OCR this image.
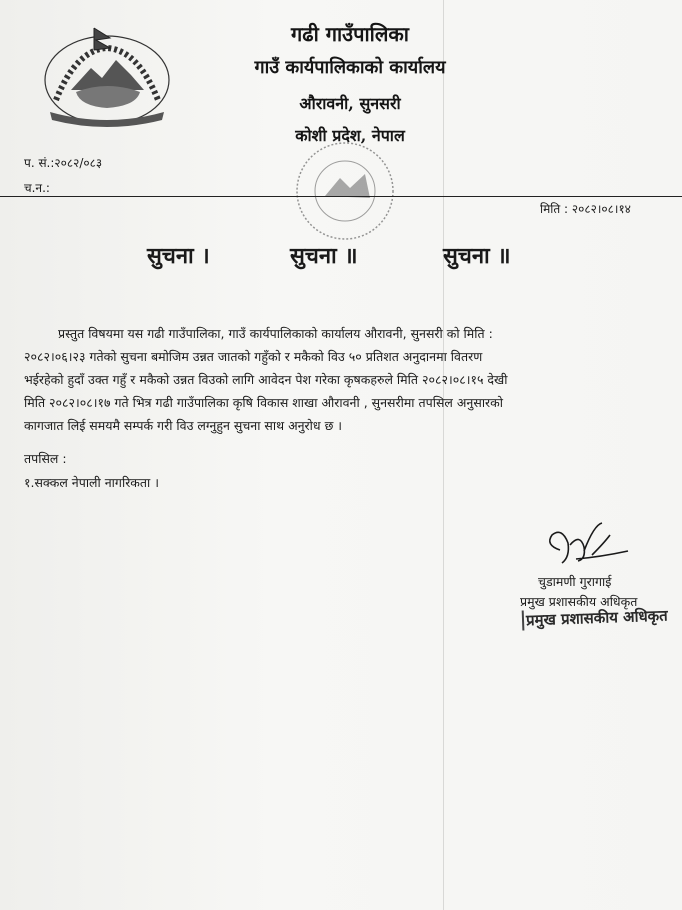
गढी गाउँपालिका
गाउँ कार्यपालिकाको कार्यालय
औरावनी, सुनसरी
कोशी प्रदेश, नेपाल
प. सं.:२०८२/०८३
च.न.:
मिति : २०८२।०८।१४
सुचना ।	सुचना ॥	सुचना ॥
प्रस्तुत विषयमा यस गढी गाउँपालिका, गाउँ कार्यपालिकाको कार्यालय औरावनी, सुनसरी को मिति :
२०८२।०६।२३ गतेको सुचना बमोजिम उन्नत जातको गहुँको र मकैको विउ ५० प्रतिशत अनुदानमा वितरण
भईरहेको हुदाँ उक्त गहुँ र मकैको उन्नत विउको लागि आवेदन पेश गरेका कृषकहरुले मिति २०८२।०८।१५ देखी
मिति २०८२।०८।१७ गते भित्र गढी गाउँपालिका कृषि विकास शाखा औरावनी , सुनसरीमा तपसिल अनुसारको
कागजात लिई समयमै सम्पर्क गरी विउ लग्नुहुन सुचना साथ अनुरोध छ ।
तपसिल :
१.सक्कल नेपाली नागरिकता ।
चुडामणी गुरागाई
प्रमुख प्रशासकीय अधिकृत
प्रमुख प्रशासकीय अधिकृत
